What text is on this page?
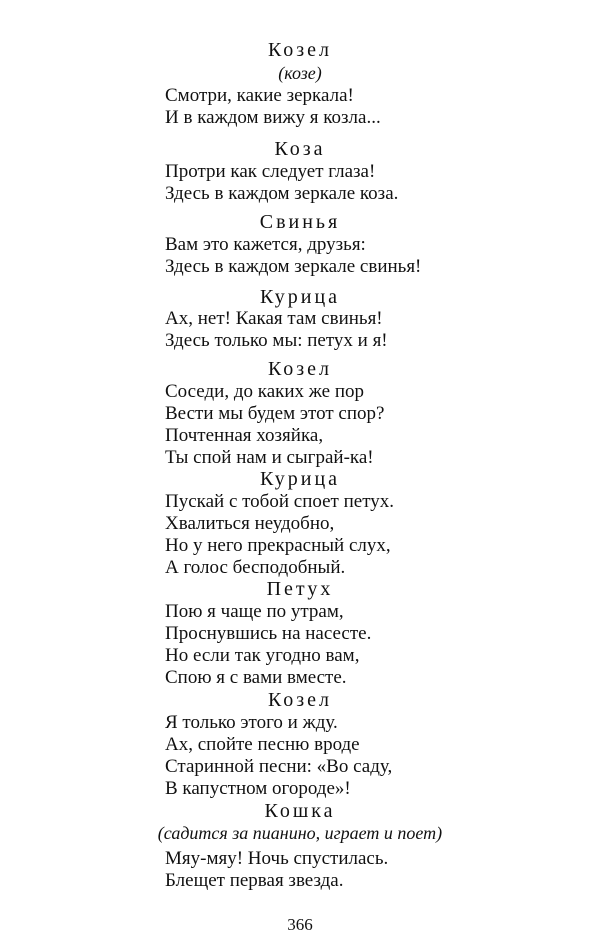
Козел
(козе)
Смотри, какие зеркала!
И в каждом вижу я козла...
Коза
Протри как следует глаза!
Здесь в каждом зеркале коза.
Свинья
Вам это кажется, друзья:
Здесь в каждом зеркале свинья!
Курица
Ах, нет! Какая там свинья!
Здесь только мы: петух и я!
Козел
Соседи, до каких же пор
Вести мы будем этот спор?
Почтенная хозяйка,
Ты спой нам и сыграй-ка!
Курица
Пускай с тобой споет петух.
Хвалиться неудобно,
Но у него прекрасный слух,
А голос бесподобный.
Петух
Пою я чаще по утрам,
Проснувшись на насесте.
Но если так угодно вам,
Спою я с вами вместе.
Козел
Я только этого и жду.
Ах, спойте песню вроде
Старинной песни: «Во саду,
В капустном огороде»!
Кошка
(садится за пианино, играет и поет)
Мяу-мяу! Ночь спустилась.
Блещет первая звезда.
366
